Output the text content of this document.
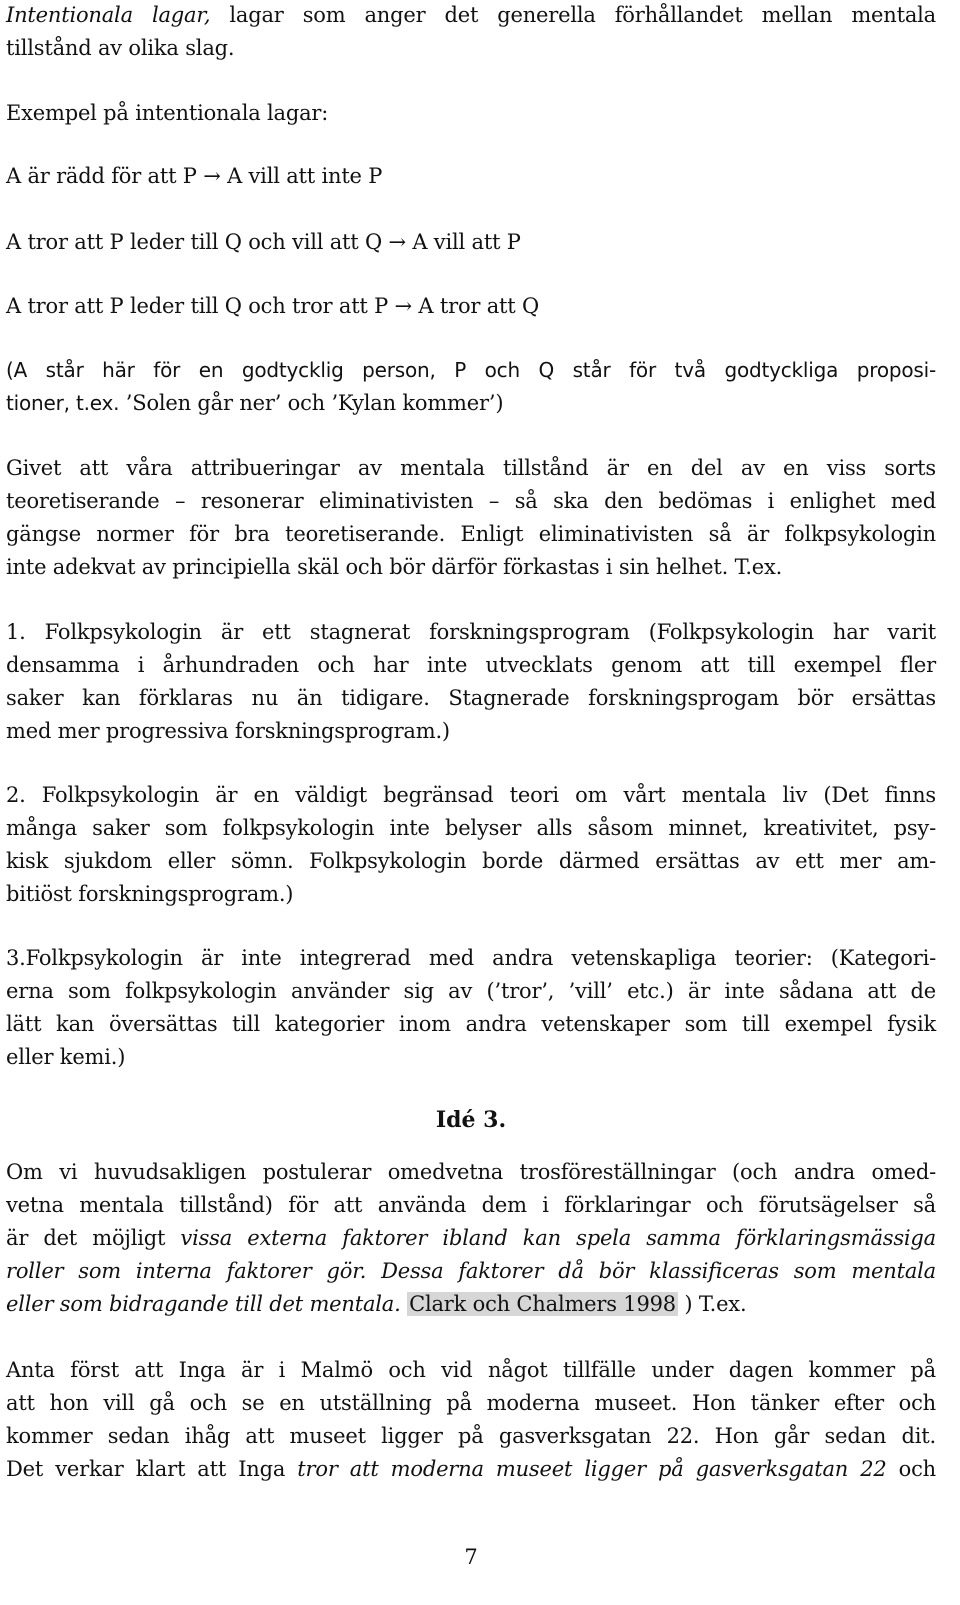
Intentionala lagar, lagar som anger det generella förhållandet mellan mentala
tillstånd av olika slag.
Exempel på intentionala lagar:
A är rädd för att P → A vill att inte P
A tror att P leder till Q och vill att Q → A vill att P
A tror att P leder till Q och tror att P → A tror att Q
(A står här för en godtycklig person, P och Q står för två godtyckliga proposi-
tioner, t.ex. ’Solen går ner’ och ’Kylan kommer’)
Givet att våra attribueringar av mentala tillstånd är en del av en viss sorts
teoretiserande – resonerar eliminativisten – så ska den bedömas i enlighet med
gängse normer för bra teoretiserande. Enligt eliminativisten så är folkpsykologin
inte adekvat av principiella skäl och bör därför förkastas i sin helhet. T.ex.
1. Folkpsykologin är ett stagnerat forskningsprogram (Folkpsykologin har varit
densamma i århundraden och har inte utvecklats genom att till exempel fler
saker kan förklaras nu än tidigare. Stagnerade forskningsprogam bör ersättas
med mer progressiva forskningsprogram.)
2. Folkpsykologin är en väldigt begränsad teori om vårt mentala liv (Det finns
många saker som folkpsykologin inte belyser alls såsom minnet, kreativitet, psy-
kisk sjukdom eller sömn. Folkpsykologin borde därmed ersättas av ett mer am-
bitiöst forskningsprogram.)
3.Folkpsykologin är inte integrerad med andra vetenskapliga teorier: (Kategori-
erna som folkpsykologin använder sig av (’tror’, ’vill’ etc.) är inte sådana att de
lätt kan översättas till kategorier inom andra vetenskaper som till exempel fysik
eller kemi.)
Idé 3.
Om vi huvudsakligen postulerar omedvetna trosföreställningar (och andra omed-
vetna mentala tillstånd) för att använda dem i förklaringar och förutsägelser så
är det möjligt vissa externa faktorer ibland kan spela samma förklaringsmässiga
roller som interna faktorer gör. Dessa faktorer då bör klassificeras som mentala
eller som bidragande till det mentala. Clark och Chalmers 1998 ) T.ex.
Anta först att Inga är i Malmö och vid något tillfälle under dagen kommer på
att hon vill gå och se en utställning på moderna museet. Hon tänker efter och
kommer sedan ihåg att museet ligger på gasverksgatan 22. Hon går sedan dit.
Det verkar klart att Inga tror att moderna museet ligger på gasverksgatan 22 och
7
